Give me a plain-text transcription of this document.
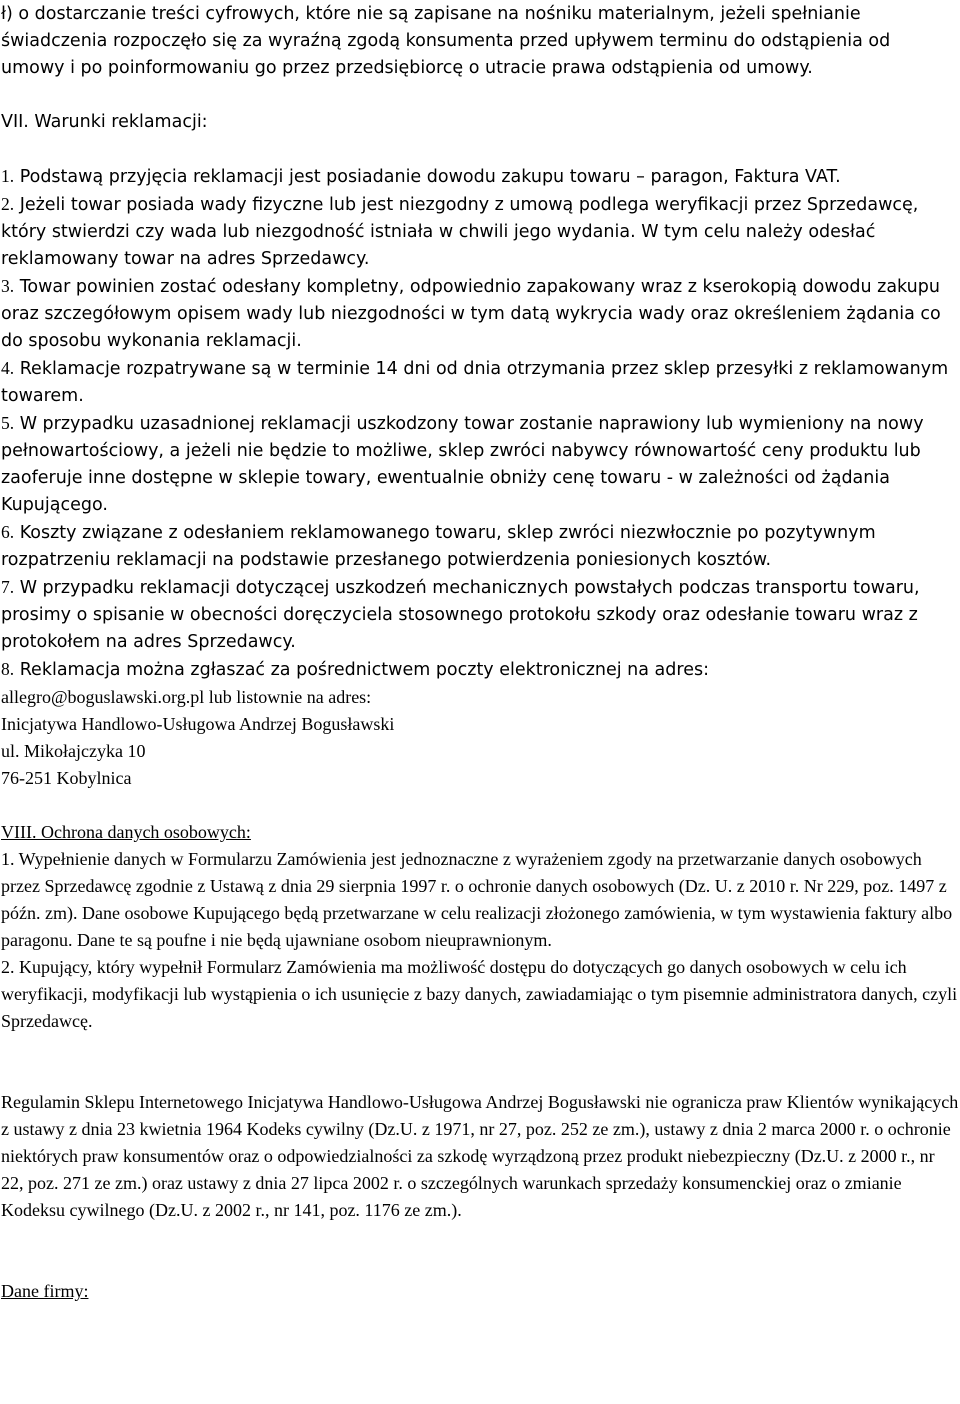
ł) o dostarczanie treści cyfrowych, które nie są zapisane na nośniku materialnym, jeżeli spełnianie świadczenia rozpoczęło się za wyraźną zgodą konsumenta przed upływem terminu do odstąpienia od umowy i po poinformowaniu go przez przedsiębiorcę o utracie prawa odstąpienia od umowy.

VII. Warunki reklamacji:

1. Podstawą przyjęcia reklamacji jest posiadanie dowodu zakupu towaru – paragon, Faktura VAT.

2. Jeżeli towar posiada wady fizyczne lub jest niezgodny z umową podlega weryfikacji przez Sprzedawcę, który stwierdzi czy wada lub niezgodność istniała w chwili jego wydania. W tym celu należy odesłać reklamowany towar na adres Sprzedawcy.

3. Towar powinien zostać odesłany kompletny, odpowiednio zapakowany wraz z kserokopią dowodu zakupu oraz szczegółowym opisem wady lub niezgodności w tym datą wykrycia wady oraz określeniem żądania co do sposobu wykonania reklamacji.

4. Reklamacje rozpatrywane są w terminie 14 dni od dnia otrzymania przez sklep przesyłki z reklamowanym towarem.

5. W przypadku uzasadnionej reklamacji uszkodzony towar zostanie naprawiony lub wymieniony na nowy pełnowartościowy, a jeżeli nie będzie to możliwe, sklep zwróci nabywcy równowartość ceny produktu lub zaoferuje inne dostępne w sklepie towary, ewentualnie obniży cenę towaru - w zależności od żądania Kupującego.

6. Koszty związane z odesłaniem reklamowanego towaru, sklep zwróci niezwłocznie po pozytywnym rozpatrzeniu reklamacji na podstawie przesłanego potwierdzenia poniesionych kosztów.

7. W przypadku reklamacji dotyczącej uszkodzeń mechanicznych powstałych podczas transportu towaru, prosimy o spisanie w obecności doręczyciela stosownego protokołu szkody oraz odesłanie towaru wraz z protokołem na adres Sprzedawcy.

8. Reklamacja można zgłaszać za pośrednictwem poczty elektronicznej na adres:

allegro@boguslawski.org.pl lub listownie na adres:

Inicjatywa Handlowo-Usługowa Andrzej Bogusławski

ul. Mikołajczyka 10

76-251 Kobylnica

VIII. Ochrona danych osobowych:

1. Wypełnienie danych w Formularzu Zamówienia jest jednoznaczne z wyrażeniem zgody na przetwarzanie danych osobowych przez Sprzedawcę zgodnie z Ustawą z dnia 29 sierpnia 1997 r. o ochronie danych osobowych (Dz. U. z 2010 r. Nr 229, poz. 1497 z późn. zm). Dane osobowe Kupującego będą przetwarzane w celu realizacji złożonego zamówienia, w tym wystawienia faktury albo paragonu. Dane te są poufne i nie będą ujawniane osobom nieuprawnionym.

2. Kupujący, który wypełnił Formularz Zamówienia ma możliwość dostępu do dotyczących go danych osobowych w celu ich weryfikacji, modyfikacji lub wystąpienia o ich usunięcie z bazy danych, zawiadamiając o tym pisemnie administratora danych, czyli Sprzedawcę.

Regulamin Sklepu Internetowego Inicjatywa Handlowo-Usługowa Andrzej Bogusławski nie ogranicza praw Klientów wynikających z ustawy z dnia 23 kwietnia 1964 Kodeks cywilny (Dz.U. z 1971, nr 27, poz. 252 ze zm.), ustawy z dnia 2 marca 2000 r. o ochronie niektórych praw konsumentów oraz o odpowiedzialności za szkodę wyrządzoną przez produkt niebezpieczny (Dz.U. z 2000 r., nr 22, poz. 271 ze zm.) oraz ustawy z dnia 27 lipca 2002 r. o szczególnych warunkach sprzedaży konsumenckiej oraz o zmianie Kodeksu cywilnego (Dz.U. z 2002 r., nr 141, poz. 1176 ze zm.).

Dane firmy:
